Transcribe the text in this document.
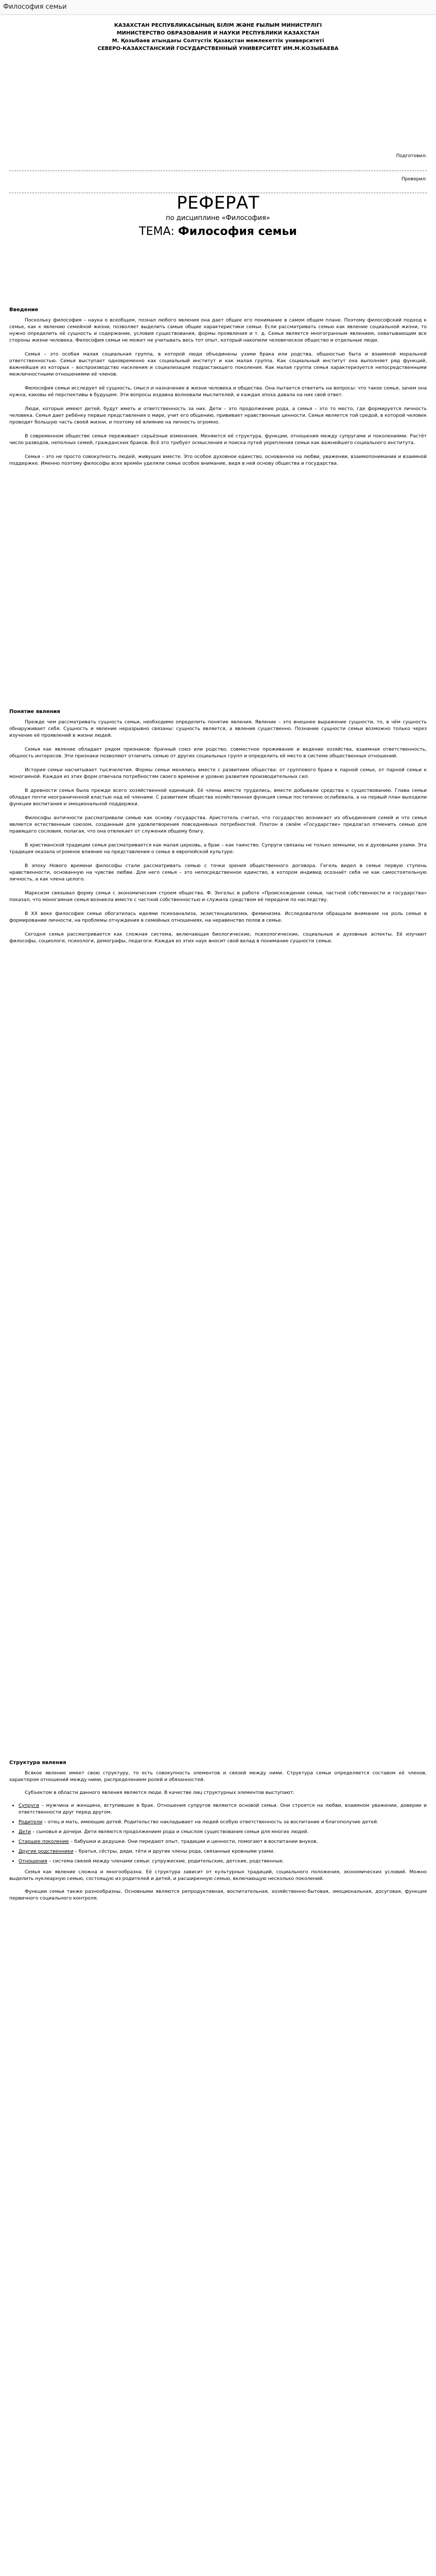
Философия семьи
КАЗАХСТАН РЕСПУБЛИКАСЫНЫҢ БІЛІМ ЖӘНЕ ҒЫЛЫМ МИНИСТРЛІГІ
МИНИСТЕРСТВО ОБРАЗОВАНИЯ И НАУКИ РЕСПУБЛИКИ КАЗАХСТАН
М. Қозыбаев атындағы Солтүстік Қазақстан мемлекеттік университеті
СЕВЕРО-КАЗАХСТАНСКИЙ ГОСУДАРСТВЕННЫЙ УНИВЕРСИТЕТ ИМ.М.КОЗЫБАЕВА
Подготовил:
Проверил:
РЕФЕРАТ
по дисциплине «Философия»
ТЕМА: Философия семьи
Введение

Поскольку философия – наука о всеобщем, познал любого явления она дает общее его понимание в самом общем плане. Поэтому философский подход к семье, как к явлению семейной жизни, позволяет выделить самые общие характеристики семьи. Если рассматривать семью как явление социальной жизни, то нужно определить её сущность и содержание, условия существования, формы проявления и т. д. Семья является многогранным явлением, охватывающим все стороны жизни человека. Философия семьи не может не учитывать весь тот опыт, который накопили человеческое общество и отдельные люди.

Семья – это особая малая социальная группа, в которой люди объединены узами брака или родства, общностью быта и взаимной моральной ответственностью. Семья выступает одновременно как социальный институт и как малая группа. Как социальный институт она выполняет ряд функций, важнейшая из которых – воспроизводство населения и социализация подрастающего поколения. Как малая группа семья характеризуется непосредственными межличностными отношениями её членов.

Философия семьи исследует её сущность, смысл и назначение в жизни человека и общества. Она пытается ответить на вопросы: что такое семья, зачем она нужна, каковы её перспективы в будущем. Эти вопросы издавна волновали мыслителей, и каждая эпоха давала на них свой ответ.

Люди, которые имеют детей, будут иметь и ответственность за них. Дети – это продолжение рода, а семья – это то место, где формируется личность человека. Семья дает ребёнку первые представления о мире, учит его общению, прививает нравственные ценности. Семья является той средой, в которой человек проводит большую часть своей жизни, и поэтому её влияние на личность огромно.

В современном обществе семья переживает серьёзные изменения. Меняются её структура, функции, отношения между супругами и поколениями. Растёт число разводов, неполных семей, гражданских браков. Всё это требует осмысления и поиска путей укрепления семьи как важнейшего социального института.

Семья – это не просто совокупность людей, живущих вместе. Это особое духовное единство, основанное на любви, уважении, взаимопонимании и взаимной поддержке. Именно поэтому философы всех времён уделяли семье особое внимание, видя в ней основу общества и государства.

Понятие явления

Прежде чем рассматривать сущность семьи, необходимо определить понятие явления. Явление – это внешнее выражение сущности, то, в чём сущность обнаруживает себя. Сущность и явление неразрывно связаны: сущность является, а явление существенно. Познание сущности семьи возможно только через изучение её проявлений в жизни людей.

Семья как явление обладает рядом признаков: брачный союз или родство, совместное проживание и ведение хозяйства, взаимная ответственность, общность интересов. Эти признаки позволяют отличить семью от других социальных групп и определить её место в системе общественных отношений.

История семьи насчитывает тысячелетия. Формы семьи менялись вместе с развитием общества: от группового брака к парной семье, от парной семьи к моногамной. Каждая из этих форм отвечала потребностям своего времени и уровню развития производительных сил.

В древности семья была прежде всего хозяйственной единицей. Её члены вместе трудились, вместе добывали средства к существованию. Глава семьи обладал почти неограниченной властью над её членами. С развитием общества хозяйственная функция семьи постепенно ослабевала, а на первый план выходили функции воспитания и эмоциональной поддержки.

Философы античности рассматривали семью как основу государства. Аристотель считал, что государство возникает из объединения семей и что семья является естественным союзом, созданным для удовлетворения повседневных потребностей. Платон в своём «Государстве» предлагал отменить семью для правящего сословия, полагая, что она отвлекает от служения общему благу.

В христианской традиции семья рассматривается как малая церковь, а брак – как таинство. Супруги связаны не только земными, но и духовными узами. Эта традиция оказала огромное влияние на представления о семье в европейской культуре.

В эпоху Нового времени философы стали рассматривать семью с точки зрения общественного договора. Гегель видел в семье первую ступень нравственности, основанную на чувстве любви. Для него семья – это непосредственное единство, в котором индивид осознаёт себя не как самостоятельную личность, а как члена целого.

Марксизм связывал форму семьи с экономическим строем общества. Ф. Энгельс в работе «Происхождение семьи, частной собственности и государства» показал, что моногамная семья возникла вместе с частной собственностью и служила средством её передачи по наследству.

В XX веке философия семьи обогатилась идеями психоанализа, экзистенциализма, феминизма. Исследователи обращали внимание на роль семьи в формировании личности, на проблемы отчуждения в семейных отношениях, на неравенство полов в семье.

Сегодня семья рассматривается как сложная система, включающая биологические, психологические, социальные и духовные аспекты. Её изучают философы, социологи, психологи, демографы, педагоги. Каждая из этих наук вносит свой вклад в понимание сущности семьи.

Структура явления

Всякое явление имеет свою структуру, то есть совокупность элементов и связей между ними. Структура семьи определяется составом её членов, характером отношений между ними, распределением ролей и обязанностей.

Субъектом в области данного явления является люди. В качестве лиц структурных элементов выступают:

• Супруги – мужчина и женщина, вступившие в брак. Отношения супругов являются основой семьи. Они строятся на любви, взаимном уважении, доверии и ответственности друг перед другом.
• Родители – отец и мать, имеющие детей. Родительство накладывает на людей особую ответственность за воспитание и благополучие детей.
• Дети – сыновья и дочери. Дети являются продолжением рода и смыслом существования семьи для многих людей.
• Старшее поколение – бабушки и дедушки. Они передают опыт, традиции и ценности, помогают в воспитании внуков.
• Другие родственники – братья, сёстры, дяди, тёти и другие члены рода, связанные кровными узами.
• Отношения – система связей между членами семьи: супружеские, родительские, детские, родственные.

Семья как явление сложна и многообразна. Её структура зависит от культурных традиций, социального положения, экономических условий. Можно выделить нуклеарную семью, состоящую из родителей и детей, и расширенную семью, включающую несколько поколений.

Функции семьи также разнообразны. Основными являются репродуктивная, воспитательная, хозяйственно-бытовая, эмоциональная, досуговая, функция первичного социального контроля.
